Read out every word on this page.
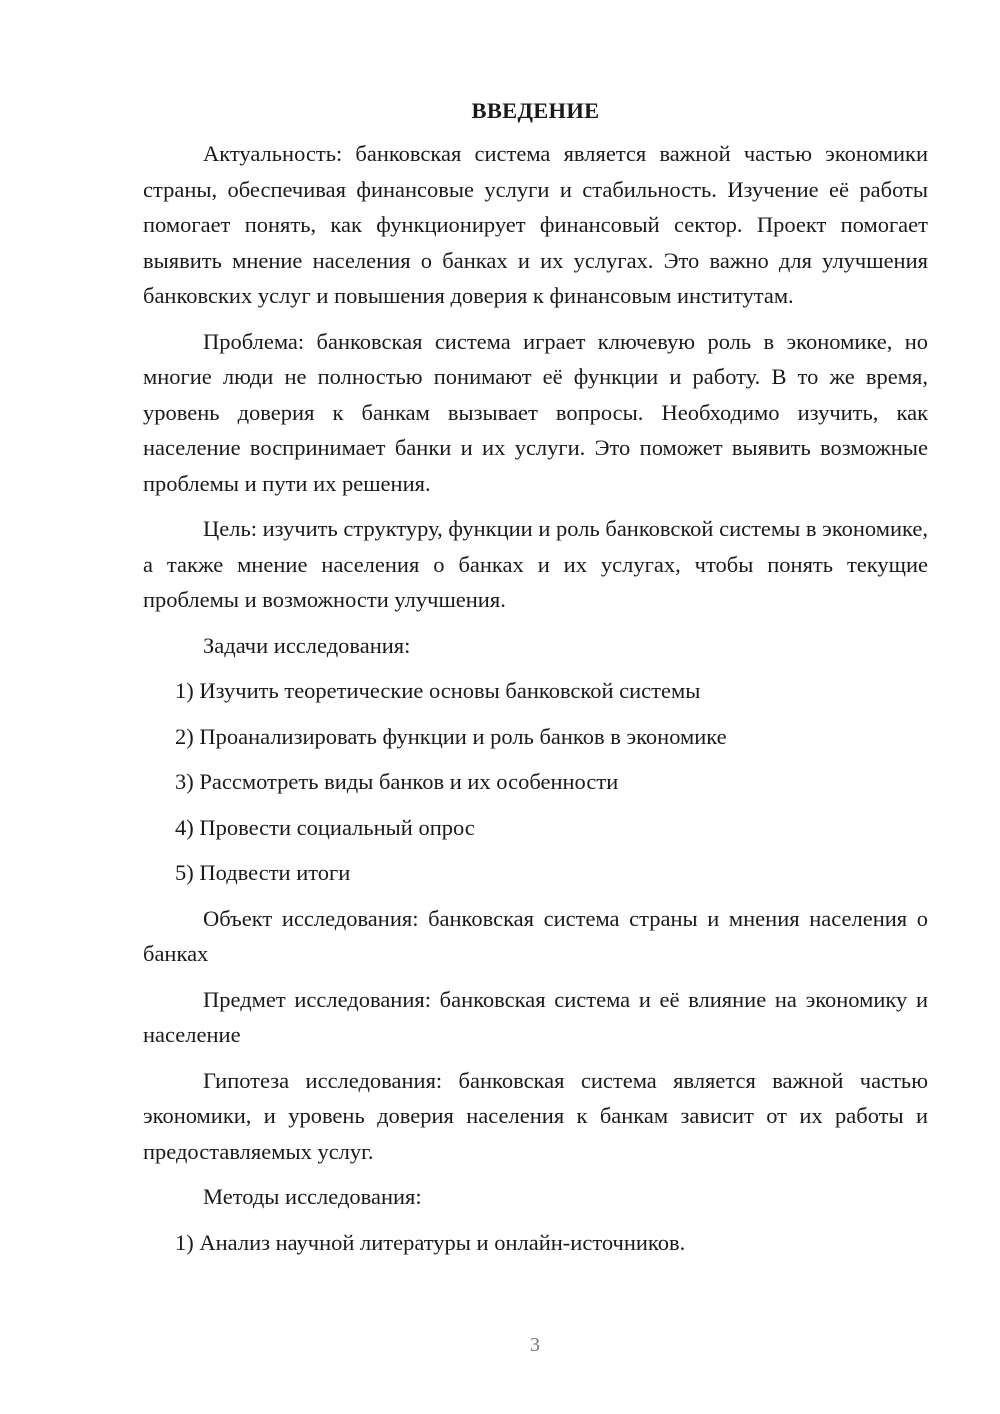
ВВЕДЕНИЕ

Актуальность: банковская система является важной частью экономики страны, обеспечивая финансовые услуги и стабильность. Изучение её работы помогает понять, как функционирует финансовый сектор. Проект помогает выявить мнение населения о банках и их услугах. Это важно для улучшения банковских услуг и повышения доверия к финансовым институтам.

Проблема: банковская система играет ключевую роль в экономике, но многие люди не полностью понимают её функции и работу. В то же время, уровень доверия к банкам вызывает вопросы. Необходимо изучить, как население воспринимает банки и их услуги. Это поможет выявить возможные проблемы и пути их решения.

Цель: изучить структуру, функции и роль банковской системы в экономике, а также мнение населения о банках и их услугах, чтобы понять текущие проблемы и возможности улучшения.

Задачи исследования:
1) Изучить теоретические основы банковской системы
2) Проанализировать функции и роль банков в экономике
3) Рассмотреть виды банков и их особенности
4) Провести социальный опрос
5) Подвести итоги

Объект исследования: банковская система страны и мнения населения о банках

Предмет исследования: банковская система и её влияние на экономику и население

Гипотеза исследования: банковская система является важной частью экономики, и уровень доверия населения к банкам зависит от их работы и предоставляемых услуг.

Методы исследования:
1) Анализ научной литературы и онлайн-источников.
3
